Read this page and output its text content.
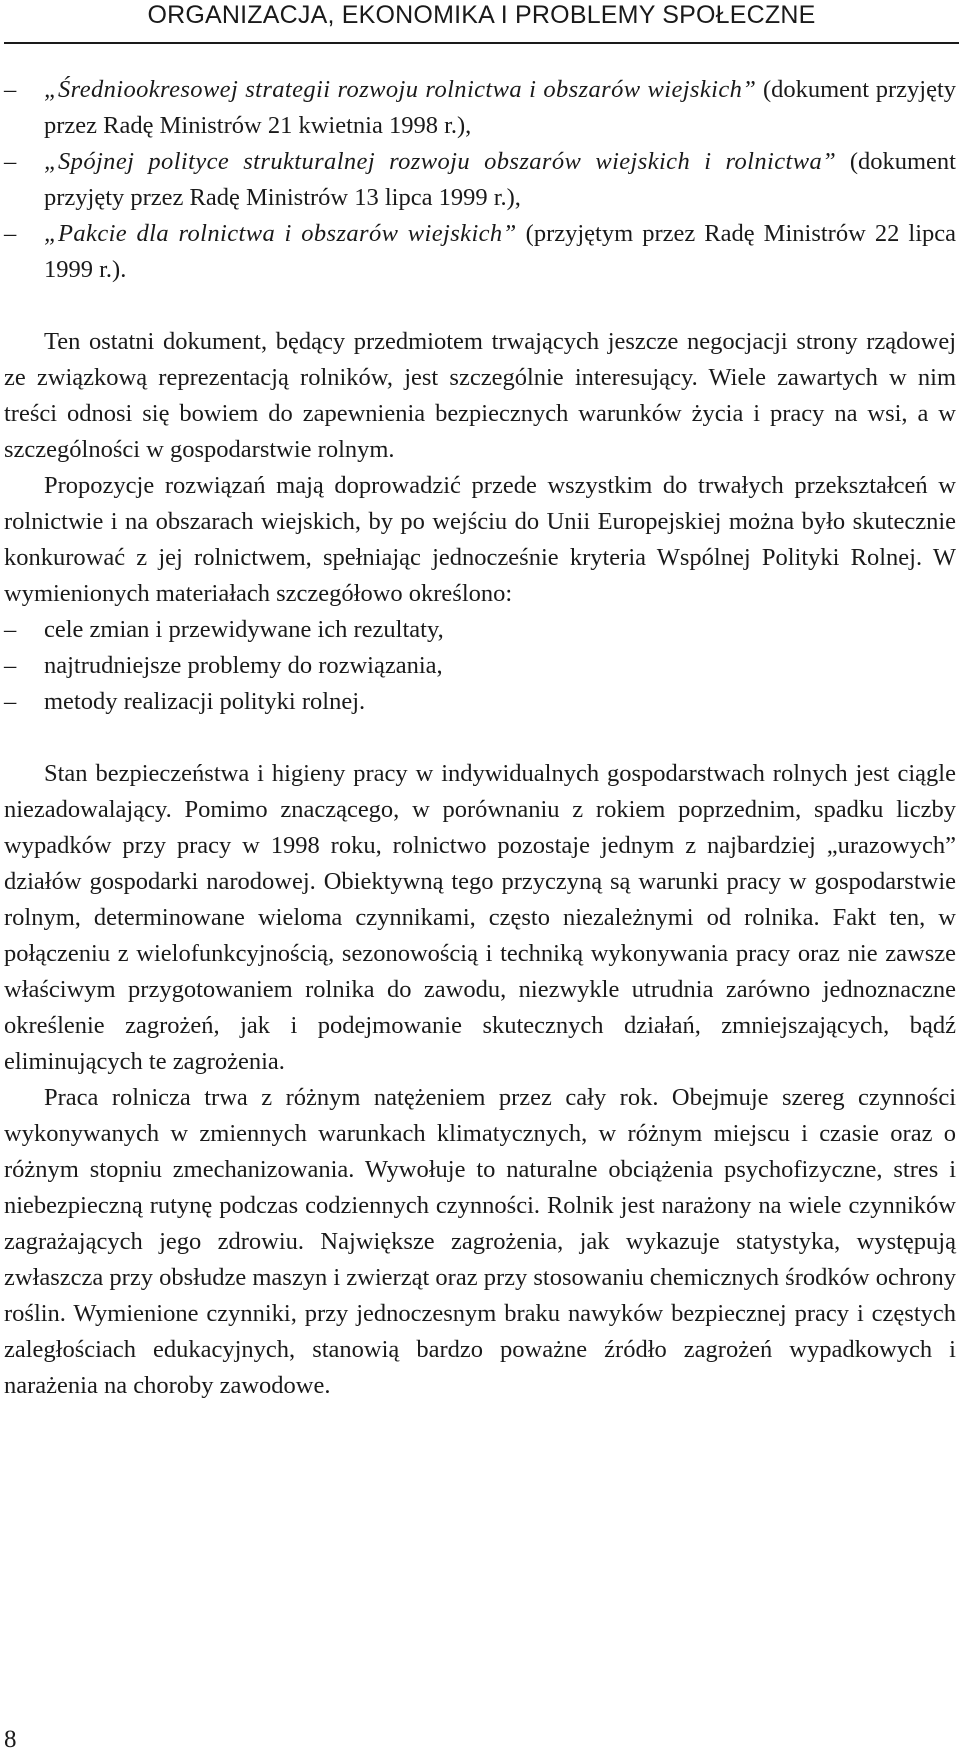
ORGANIZACJA, EKONOMIKA I PROBLEMY SPOŁECZNE
– „Średniookresowej strategii rozwoju rolnictwa i obszarów wiejskich” (dokument przyjęty przez Radę Ministrów 21 kwietnia 1998 r.),
– „Spójnej polityce strukturalnej rozwoju obszarów wiejskich i rolnictwa” (dokument przyjęty przez Radę Ministrów 13 lipca 1999 r.),
– „Pakcie dla rolnictwa i obszarów wiejskich” (przyjętym przez Radę Ministrów 22 lipca 1999 r.).

Ten ostatni dokument, będący przedmiotem trwających jeszcze negocjacji strony rządowej ze związkową reprezentacją rolników, jest szczególnie interesujący. Wiele zawartych w nim treści odnosi się bowiem do zapewnienia bezpiecznych warunków życia i pracy na wsi, a w szczególności w gospodarstwie rolnym.

Propozycje rozwiązań mają doprowadzić przede wszystkim do trwałych przekształceń w rolnictwie i na obszarach wiejskich, by po wejściu do Unii Europejskiej można było skutecznie konkurować z jej rolnictwem, spełniając jednocześnie kryteria Wspólnej Polityki Rolnej. W wymienionych materiałach szczegółowo określono:

– cele zmian i przewidywane ich rezultaty,
– najtrudniejsze problemy do rozwiązania,
– metody realizacji polityki rolnej.

Stan bezpieczeństwa i higieny pracy w indywidualnych gospodarstwach rolnych jest ciągle niezadowalający. Pomimo znaczącego, w porównaniu z rokiem poprzednim, spadku liczby wypadków przy pracy w 1998 roku, rolnictwo pozostaje jednym z najbardziej „urazowych” działów gospodarki narodowej. Obiektywną tego przyczyną są warunki pracy w gospodarstwie rolnym, determinowane wieloma czynnikami, często niezależnymi od rolnika. Fakt ten, w połączeniu z wielofunkcyjnością, sezonowością i techniką wykonywania pracy oraz nie zawsze właściwym przygotowaniem rolnika do zawodu, niezwykle utrudnia zarówno jednoznaczne określenie zagrożeń, jak i podejmowanie skutecznych działań, zmniejszających, bądź eliminujących te zagrożenia.

Praca rolnicza trwa z różnym natężeniem przez cały rok. Obejmuje szereg czynności wykonywanych w zmiennych warunkach klimatycznych, w różnym miejscu i czasie oraz o różnym stopniu zmechanizowania. Wywołuje to naturalne obciążenia psychofizyczne, stres i niebezpieczną rutynę podczas codziennych czynności. Rolnik jest narażony na wiele czynników zagrażających jego zdrowiu. Największe zagrożenia, jak wykazuje statystyka, występują zwłaszcza przy obsłudze maszyn i zwierząt oraz przy stosowaniu chemicznych środków ochrony roślin. Wymienione czynniki, przy jednoczesnym braku nawyków bezpiecznej pracy i częstych zaległościach edukacyjnych, stanowią bardzo poważne źródło zagrożeń wypadkowych i narażenia na choroby zawodowe.

8
